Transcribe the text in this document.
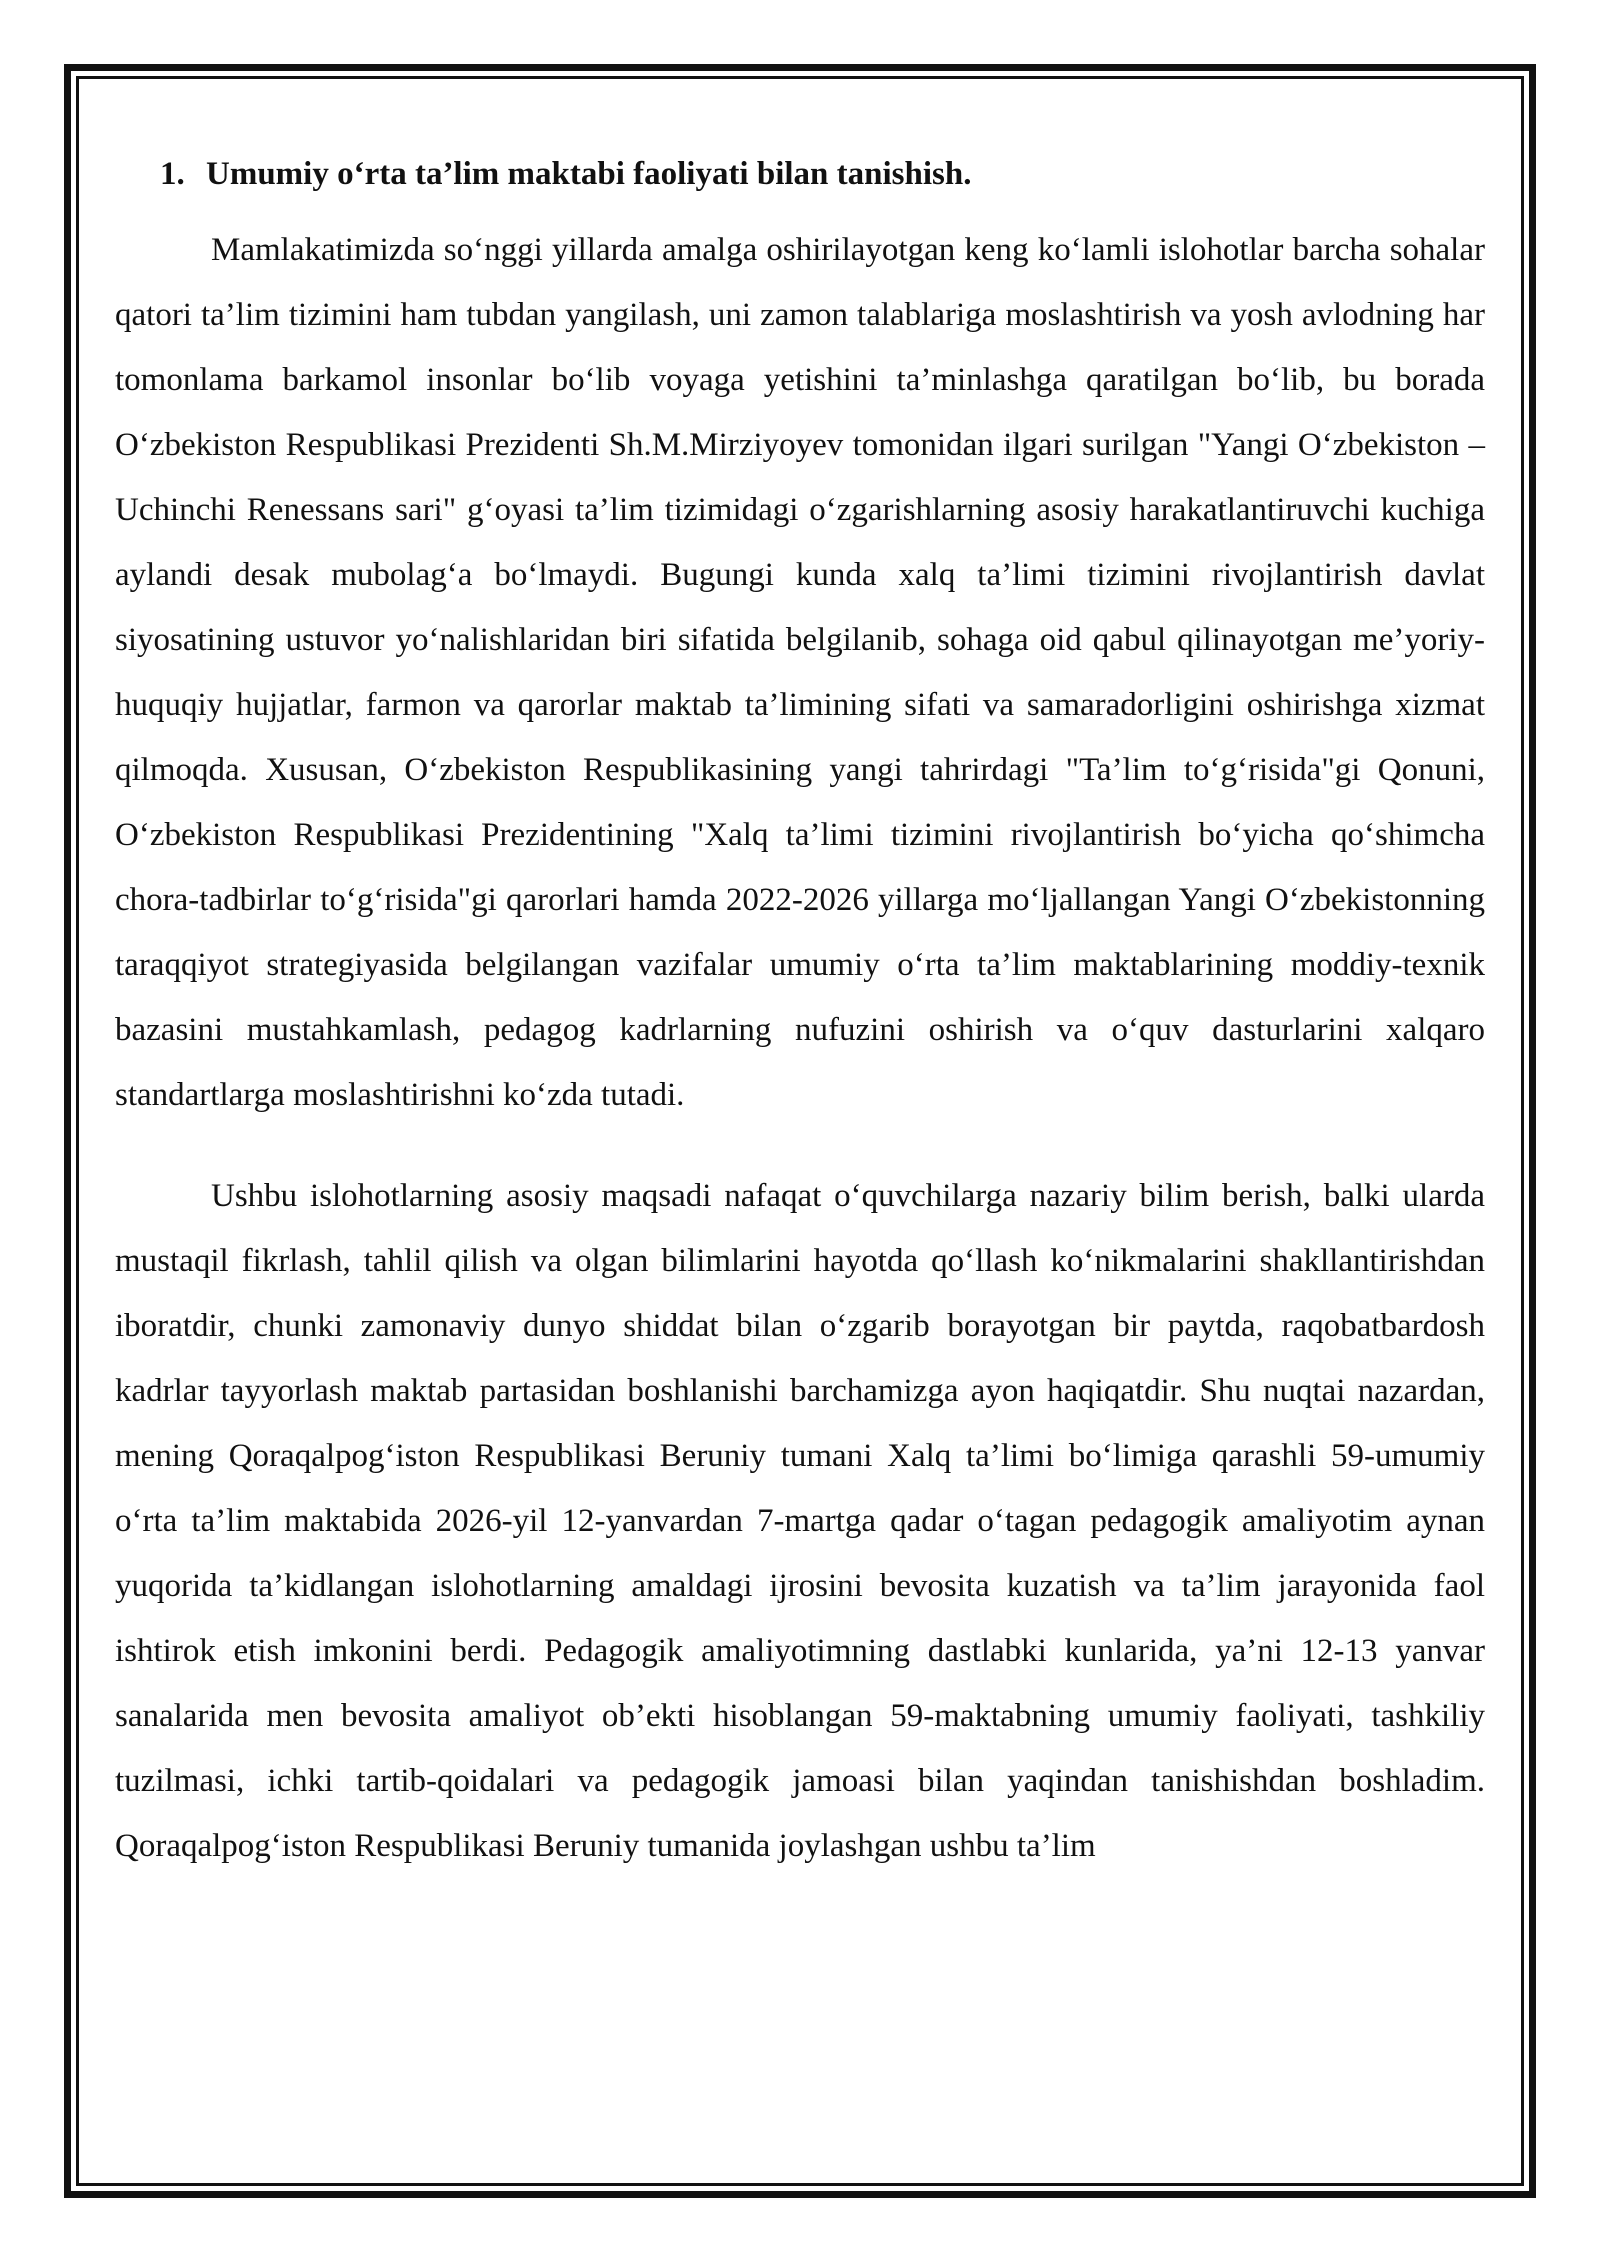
1. Umumiy o‘rta ta’lim maktabi faoliyati bilan tanishish.

Mamlakatimizda so‘nggi yillarda amalga oshirilayotgan keng ko‘lamli islohotlar barcha sohalar qatori ta’lim tizimini ham tubdan yangilash, uni zamon talablariga moslashtirish va yosh avlodning har tomonlama barkamol insonlar bo‘lib voyaga yetishini ta’minlashga qaratilgan bo‘lib, bu borada O‘zbekiston Respublikasi Prezidenti Sh.M.Mirziyoyev tomonidan ilgari surilgan "Yangi O‘zbekiston – Uchinchi Renessans sari" g‘oyasi ta’lim tizimidagi o‘zgarishlarning asosiy harakatlantiruvchi kuchiga aylandi desak mubolag‘a bo‘lmaydi. Bugungi kunda xalq ta’limi tizimini rivojlantirish davlat siyosatining ustuvor yo‘nalishlaridan biri sifatida belgilanib, sohaga oid qabul qilinayotgan me’yoriy-huquqiy hujjatlar, farmon va qarorlar maktab ta’limining sifati va samaradorligini oshirishga xizmat qilmoqda. Xususan, O‘zbekiston Respublikasining yangi tahrirdagi "Ta’lim to‘g‘risida"gi Qonuni, O‘zbekiston Respublikasi Prezidentining "Xalq ta’limi tizimini rivojlantirish bo‘yicha qo‘shimcha chora-tadbirlar to‘g‘risida"gi qarorlari hamda 2022-2026 yillarga mo‘ljallangan Yangi O‘zbekistonning taraqqiyot strategiyasida belgilangan vazifalar umumiy o‘rta ta’lim maktablarining moddiy-texnik bazasini mustahkamlash, pedagog kadrlarning nufuzini oshirish va o‘quv dasturlarini xalqaro standartlarga moslashtirishni ko‘zda tutadi.

Ushbu islohotlarning asosiy maqsadi nafaqat o‘quvchilarga nazariy bilim berish, balki ularda mustaqil fikrlash, tahlil qilish va olgan bilimlarini hayotda qo‘llash ko‘nikmalarini shakllantirishdan iboratdir, chunki zamonaviy dunyo shiddat bilan o‘zgarib borayotgan bir paytda, raqobatbardosh kadrlar tayyorlash maktab partasidan boshlanishi barchamizga ayon haqiqatdir. Shu nuqtai nazardan, mening Qoraqalpog‘iston Respublikasi Beruniy tumani Xalq ta’limi bo‘limiga qarashli 59-umumiy o‘rta ta’lim maktabida 2026-yil 12-yanvardan 7-martga qadar o‘tagan pedagogik amaliyotim aynan yuqorida ta’kidlangan islohotlarning amaldagi ijrosini bevosita kuzatish va ta’lim jarayonida faol ishtirok etish imkonini berdi. Pedagogik amaliyotimning dastlabki kunlarida, ya’ni 12-13 yanvar sanalarida men bevosita amaliyot ob’ekti hisoblangan 59-maktabning umumiy faoliyati, tashkiliy tuzilmasi, ichki tartib-qoidalari va pedagogik jamoasi bilan yaqindan tanishishdan boshladim. Qoraqalpog‘iston Respublikasi Beruniy tumanida joylashgan ushbu ta’lim
